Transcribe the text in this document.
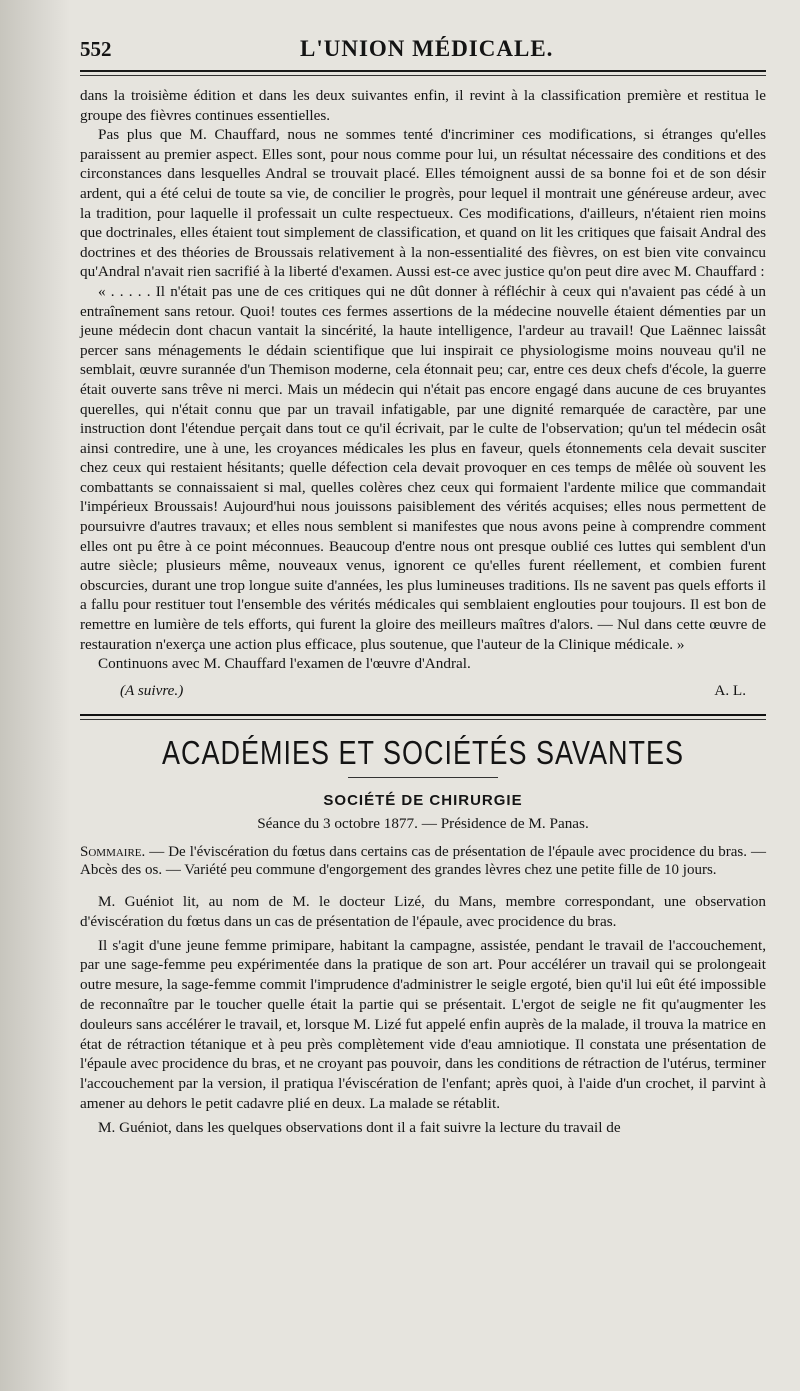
552	L'UNION MÉDICALE.

dans la troisième édition et dans les deux suivantes enfin, il revint à la classification première et restitua le groupe des fièvres continues essentielles.

Pas plus que M. Chauffard, nous ne sommes tenté d'incriminer ces modifications, si étranges qu'elles paraissent au premier aspect. Elles sont, pour nous comme pour lui, un résultat nécessaire des conditions et des circonstances dans lesquelles Andral se trouvait placé. Elles témoignent aussi de sa bonne foi et de son désir ardent, qui a été celui de toute sa vie, de concilier le progrès, pour lequel il montrait une généreuse ardeur, avec la tradition, pour laquelle il professait un culte respectueux. Ces modifications, d'ailleurs, n'étaient rien moins que doctrinales, elles étaient tout simplement de classification, et quand on lit les critiques que faisait Andral des doctrines et des théories de Broussais relativement à la non-essentialité des fièvres, on est bien vite convaincu qu'Andral n'avait rien sacrifié à la liberté d'examen. Aussi est-ce avec justice qu'on peut dire avec M. Chauffard :

« . . . . . Il n'était pas une de ces critiques qui ne dût donner à réfléchir à ceux qui n'avaient pas cédé à un entraînement sans retour. Quoi! toutes ces fermes assertions de la médecine nouvelle étaient démenties par un jeune médecin dont chacun vantait la sincérité, la haute intelligence, l'ardeur au travail! Que Laënnec laissât percer sans ménagements le dédain scientifique que lui inspirait ce physiologisme moins nouveau qu'il ne semblait, œuvre surannée d'un Themison moderne, cela étonnait peu; car, entre ces deux chefs d'école, la guerre était ouverte sans trêve ni merci. Mais un médecin qui n'était pas encore engagé dans aucune de ces bruyantes querelles, qui n'était connu que par un travail infatigable, par une dignité remarquée de caractère, par une instruction dont l'étendue perçait dans tout ce qu'il écrivait, par le culte de l'observation; qu'un tel médecin osât ainsi contredire, une à une, les croyances médicales les plus en faveur, quels étonnements cela devait susciter chez ceux qui restaient hésitants; quelle défection cela devait provoquer en ces temps de mêlée où souvent les combattants se connaissaient si mal, quelles colères chez ceux qui formaient l'ardente milice que commandait l'impérieux Broussais! Aujourd'hui nous jouissons paisiblement des vérités acquises; elles nous permettent de poursuivre d'autres travaux; et elles nous semblent si manifestes que nous avons peine à comprendre comment elles ont pu être à ce point méconnues. Beaucoup d'entre nous ont presque oublié ces luttes qui semblent d'un autre siècle; plusieurs même, nouveaux venus, ignorent ce qu'elles furent réellement, et combien furent obscurcies, durant une trop longue suite d'années, les plus lumineuses traditions. Ils ne savent pas quels efforts il a fallu pour restituer tout l'ensemble des vérités médicales qui semblaient englouties pour toujours. Il est bon de remettre en lumière de tels efforts, qui furent la gloire des meilleurs maîtres d'alors. — Nul dans cette œuvre de restauration n'exerça une action plus efficace, plus soutenue, que l'auteur de la Clinique médicale. »

Continuons avec M. Chauffard l'examen de l'œuvre d'Andral.

(A suivre.)	A. L.
ACADÉMIES ET SOCIÉTÉS SAVANTES
SOCIÉTÉ DE CHIRURGIE
Séance du 3 octobre 1877. — Présidence de M. Panas.
Sommaire. — De l'éviscération du fœtus dans certains cas de présentation de l'épaule avec procidence du bras. — Abcès des os. — Variété peu commune d'engorgement des grandes lèvres chez une petite fille de 10 jours.

M. Guéniot lit, au nom de M. le docteur Lizé, du Mans, membre correspondant, une observation d'éviscération du fœtus dans un cas de présentation de l'épaule, avec procidence du bras.

Il s'agit d'une jeune femme primipare, habitant la campagne, assistée, pendant le travail de l'accouchement, par une sage-femme peu expérimentée dans la pratique de son art. Pour accélérer un travail qui se prolongeait outre mesure, la sage-femme commit l'imprudence d'administrer le seigle ergoté, bien qu'il lui eût été impossible de reconnaître par le toucher quelle était la partie qui se présentait. L'ergot de seigle ne fit qu'augmenter les douleurs sans accélérer le travail, et, lorsque M. Lizé fut appelé enfin auprès de la malade, il trouva la matrice en état de rétraction tétanique et à peu près complètement vide d'eau amniotique. Il constata une présentation de l'épaule avec procidence du bras, et ne croyant pas pouvoir, dans les conditions de rétraction de l'utérus, terminer l'accouchement par la version, il pratiqua l'éviscération de l'enfant; après quoi, à l'aide d'un crochet, il parvint à amener au dehors le petit cadavre plié en deux. La malade se rétablit.

M. Guéniot, dans les quelques observations dont il a fait suivre la lecture du travail de
